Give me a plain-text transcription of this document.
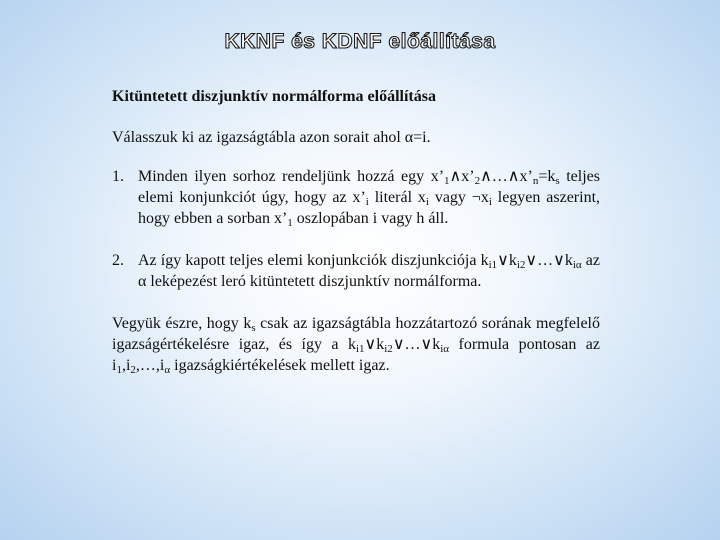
KKNF és KDNF előállítása
Kitüntetett diszjunktív normálforma előállítása

Válasszuk ki az igazságtábla azon sorait ahol α=i.

1. Minden ilyen sorhoz rendeljünk hozzá egy $x’_1\wedge x’_2\wedge\dots\wedge x’_n=k_s$ teljes elemi konjunkciót úgy, hogy az $x’_i$ literál $x_i$ vagy $\neg x_i$ legyen aszerint, hogy ebben a sorban $x’_1$ oszlopában i vagy h áll.
2. Az így kapott teljes elemi konjunkciók diszjunkciója $k_{i1}\vee k_{i2}\vee\dots\vee k_{i\alpha}$ az α leképezést leró kitüntetett diszjunktív normálforma.

Vegyük észre, hogy $k_s$ csak az igazságtábla hozzátartozó sorának megfelelő igazságértékelésre igaz, és így a $k_{i1}\vee k_{i2}\vee\dots\vee k_{i\alpha}$ formula pontosan az $i_1,i_2,\dots,i_\alpha$ igazságkiértékelések mellett igaz.
